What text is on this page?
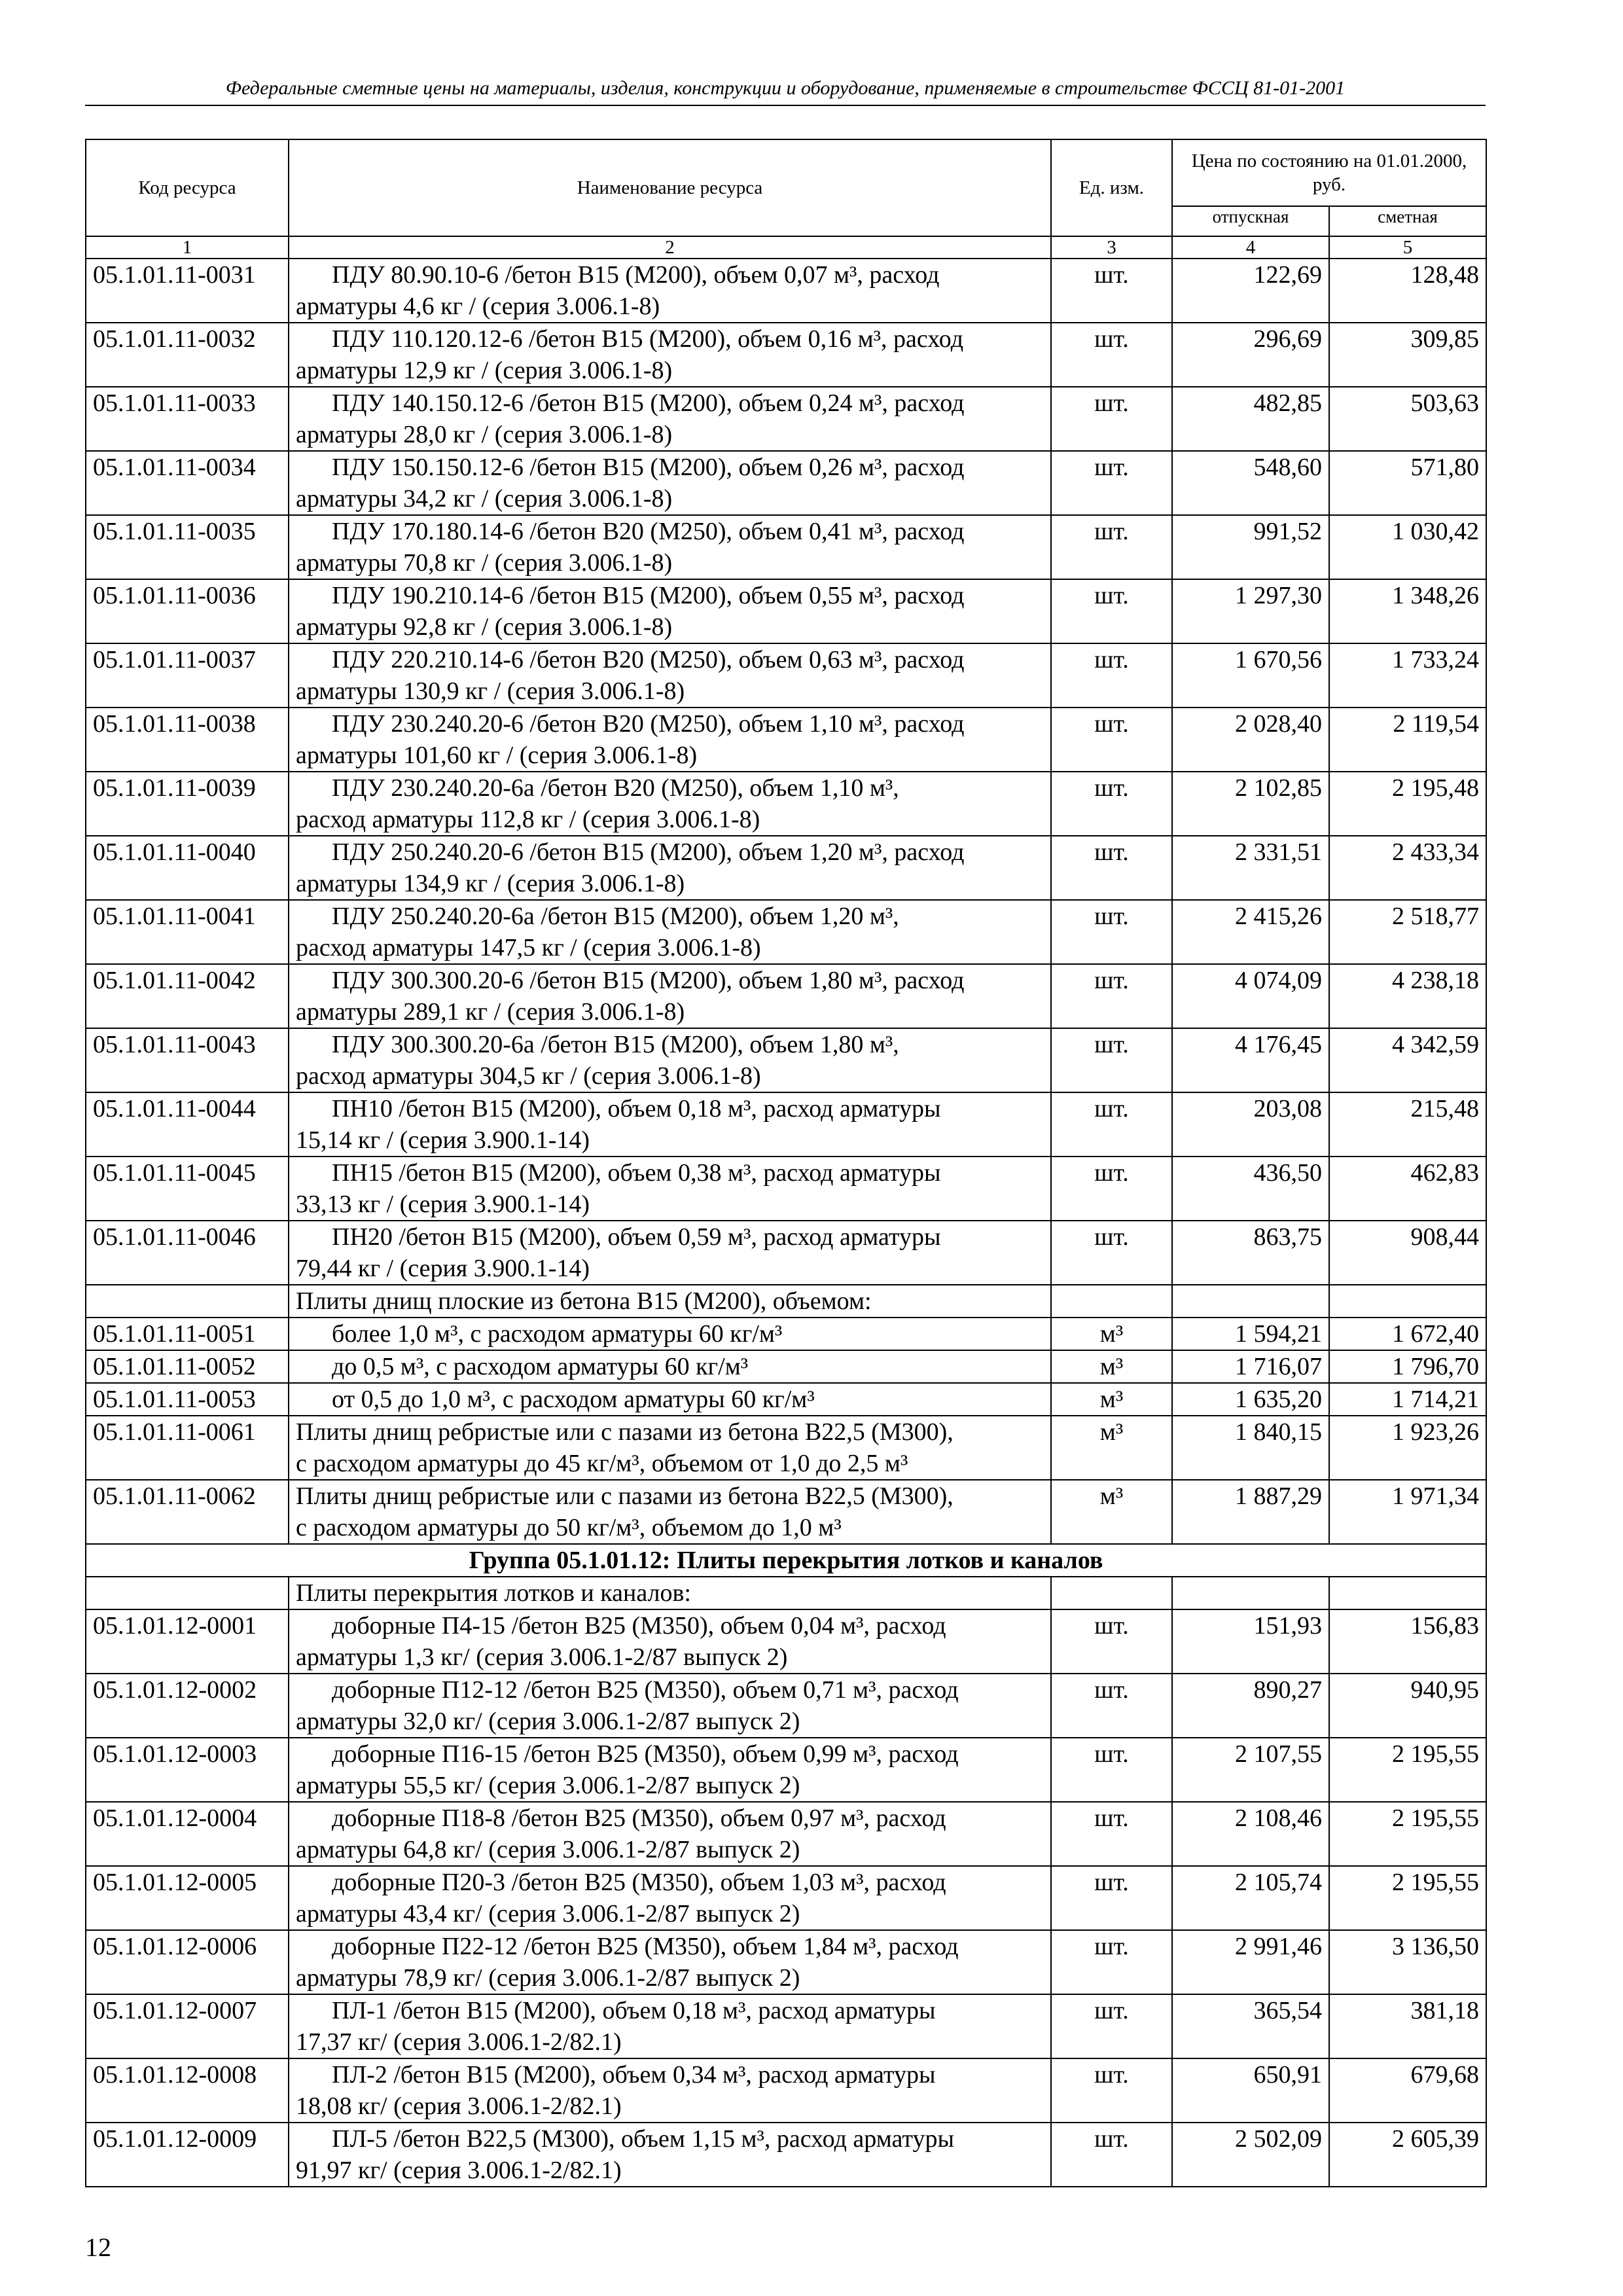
Федеральные сметные цены на материалы, изделия, конструкции и оборудование, применяемые в строительстве ФССЦ 81-01-2001
Код ресурса	Наименование ресурса	Ед. изм.	Цена по состоянию на 01.01.2000, руб.	
			отпускная	сметная
1	2	3	4	5
05.1.01.11-0031	ПДУ 80.90.10-6 /бетон В15 (М200), объем 0,07 м³, расход
арматуры 4,6 кг / (серия 3.006.1-8)	шт.	122,69	128,48
05.1.01.11-0032	ПДУ 110.120.12-6 /бетон В15 (М200), объем 0,16 м³, расход
арматуры 12,9 кг / (серия 3.006.1-8)	шт.	296,69	309,85
05.1.01.11-0033	ПДУ 140.150.12-6 /бетон В15 (М200), объем 0,24 м³, расход
арматуры 28,0 кг / (серия 3.006.1-8)	шт.	482,85	503,63
05.1.01.11-0034	ПДУ 150.150.12-6 /бетон В15 (М200), объем 0,26 м³, расход
арматуры 34,2 кг / (серия 3.006.1-8)	шт.	548,60	571,80
05.1.01.11-0035	ПДУ 170.180.14-6 /бетон В20 (М250), объем 0,41 м³, расход
арматуры 70,8 кг / (серия 3.006.1-8)	шт.	991,52	1 030,42
05.1.01.11-0036	ПДУ 190.210.14-6 /бетон В15 (М200), объем 0,55 м³, расход
арматуры 92,8 кг / (серия 3.006.1-8)	шт.	1 297,30	1 348,26
05.1.01.11-0037	ПДУ 220.210.14-6 /бетон В20 (М250), объем 0,63 м³, расход
арматуры 130,9 кг / (серия 3.006.1-8)	шт.	1 670,56	1 733,24
05.1.01.11-0038	ПДУ 230.240.20-6 /бетон В20 (М250), объем 1,10 м³, расход
арматуры 101,60 кг / (серия 3.006.1-8)	шт.	2 028,40	2 119,54
05.1.01.11-0039	ПДУ 230.240.20-6а /бетон В20 (М250), объем 1,10 м³,
расход арматуры 112,8 кг / (серия 3.006.1-8)	шт.	2 102,85	2 195,48
05.1.01.11-0040	ПДУ 250.240.20-6 /бетон В15 (М200), объем 1,20 м³, расход
арматуры 134,9 кг / (серия 3.006.1-8)	шт.	2 331,51	2 433,34
05.1.01.11-0041	ПДУ 250.240.20-6а /бетон В15 (М200), объем 1,20 м³,
расход арматуры 147,5 кг / (серия 3.006.1-8)	шт.	2 415,26	2 518,77
05.1.01.11-0042	ПДУ 300.300.20-6 /бетон В15 (М200), объем 1,80 м³, расход
арматуры 289,1 кг / (серия 3.006.1-8)	шт.	4 074,09	4 238,18
05.1.01.11-0043	ПДУ 300.300.20-6а /бетон В15 (М200), объем 1,80 м³,
расход арматуры 304,5 кг / (серия 3.006.1-8)	шт.	4 176,45	4 342,59
05.1.01.11-0044	ПН10 /бетон В15 (М200), объем 0,18 м³, расход арматуры
15,14 кг / (серия 3.900.1-14)	шт.	203,08	215,48
05.1.01.11-0045	ПН15 /бетон В15 (М200), объем 0,38 м³, расход арматуры
33,13 кг / (серия 3.900.1-14)	шт.	436,50	462,83
05.1.01.11-0046	ПН20 /бетон В15 (М200), объем 0,59 м³, расход арматуры
79,44 кг / (серия 3.900.1-14)	шт.	863,75	908,44
	Плиты днищ плоские из бетона В15 (М200), объемом:			
05.1.01.11-0051	более 1,0 м³, с расходом арматуры 60 кг/м³	м³	1 594,21	1 672,40
05.1.01.11-0052	до 0,5 м³, с расходом арматуры 60 кг/м³	м³	1 716,07	1 796,70
05.1.01.11-0053	от 0,5 до 1,0 м³, с расходом арматуры 60 кг/м³	м³	1 635,20	1 714,21
05.1.01.11-0061	Плиты днищ ребристые или с пазами из бетона В22,5 (М300),
с расходом арматуры до 45 кг/м³, объемом от 1,0 до 2,5 м³	м³	1 840,15	1 923,26
05.1.01.11-0062	Плиты днищ ребристые или с пазами из бетона В22,5 (М300),
с расходом арматуры до 50 кг/м³, объемом до 1,0 м³	м³	1 887,29	1 971,34
Группа 05.1.01.12: Плиты перекрытия лотков и каналов				
	Плиты перекрытия лотков и каналов:			
05.1.01.12-0001	доборные П4-15 /бетон В25 (М350), объем 0,04 м³, расход
арматуры 1,3 кг/ (серия 3.006.1-2/87 выпуск 2)	шт.	151,93	156,83
05.1.01.12-0002	доборные П12-12 /бетон В25 (М350), объем 0,71 м³, расход
арматуры 32,0 кг/ (серия 3.006.1-2/87 выпуск 2)	шт.	890,27	940,95
05.1.01.12-0003	доборные П16-15 /бетон В25 (М350), объем 0,99 м³, расход
арматуры 55,5 кг/ (серия 3.006.1-2/87 выпуск 2)	шт.	2 107,55	2 195,55
05.1.01.12-0004	доборные П18-8 /бетон В25 (М350), объем 0,97 м³, расход
арматуры 64,8 кг/ (серия 3.006.1-2/87 выпуск 2)	шт.	2 108,46	2 195,55
05.1.01.12-0005	доборные П20-3 /бетон В25 (М350), объем 1,03 м³, расход
арматуры 43,4 кг/ (серия 3.006.1-2/87 выпуск 2)	шт.	2 105,74	2 195,55
05.1.01.12-0006	доборные П22-12 /бетон В25 (М350), объем 1,84 м³, расход
арматуры 78,9 кг/ (серия 3.006.1-2/87 выпуск 2)	шт.	2 991,46	3 136,50
05.1.01.12-0007	ПЛ-1 /бетон В15 (М200), объем 0,18 м³, расход арматуры
17,37 кг/ (серия 3.006.1-2/82.1)	шт.	365,54	381,18
05.1.01.12-0008	ПЛ-2 /бетон В15 (М200), объем 0,34 м³, расход арматуры
18,08 кг/ (серия 3.006.1-2/82.1)	шт.	650,91	679,68
05.1.01.12-0009	ПЛ-5 /бетон В22,5 (М300), объем 1,15 м³, расход арматуры
91,97 кг/ (серия 3.006.1-2/82.1)	шт.	2 502,09	2 605,39
12
